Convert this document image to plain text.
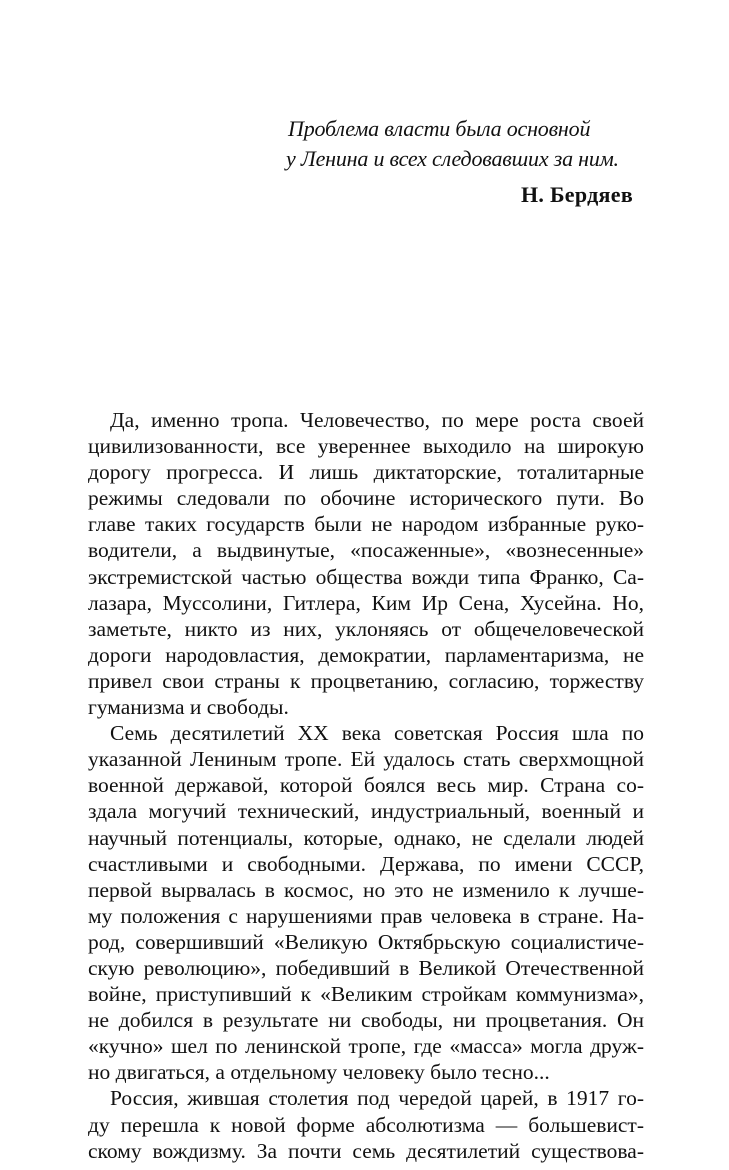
Проблема власти была основной
у Ленина и всех следовавших за ним.
Н. Бердяев
Да, именно тропа. Человечество, по мере роста своей
цивилизованности, все увереннее выходило на широкую
дорогу прогресса. И лишь диктаторские, тоталитарные
режимы следовали по обочине исторического пути. Во
главе таких государств были не народом избранные руко-
водители, а выдвинутые, «посаженные», «вознесенные»
экстремистской частью общества вожди типа Франко, Са-
лазара, Муссолини, Гитлера, Ким Ир Сена, Хусейна. Но,
заметьте, никто из них, уклоняясь от общечеловеческой
дороги народовластия, демократии, парламентаризма, не
привел свои страны к процветанию, согласию, торжеству
гуманизма и свободы.
Семь десятилетий XX века советская Россия шла по
указанной Лениным тропе. Ей удалось стать сверхмощной
военной державой, которой боялся весь мир. Страна со-
здала могучий технический, индустриальный, военный и
научный потенциалы, которые, однако, не сделали людей
счастливыми и свободными. Держава, по имени СССР,
первой вырвалась в космос, но это не изменило к лучше-
му положения с нарушениями прав человека в стране. На-
род, совершивший «Великую Октябрьскую социалистиче-
скую революцию», победивший в Великой Отечественной
войне, приступивший к «Великим стройкам коммунизма»,
не добился в результате ни свободы, ни процветания. Он
«кучно» шел по ленинской тропе, где «масса» могла друж-
но двигаться, а отдельному человеку было тесно...
Россия, жившая столетия под чередой царей, в 1917 го-
ду перешла к новой форме абсолютизма — большевист-
скому вождизму. За почти семь десятилетий существова-
